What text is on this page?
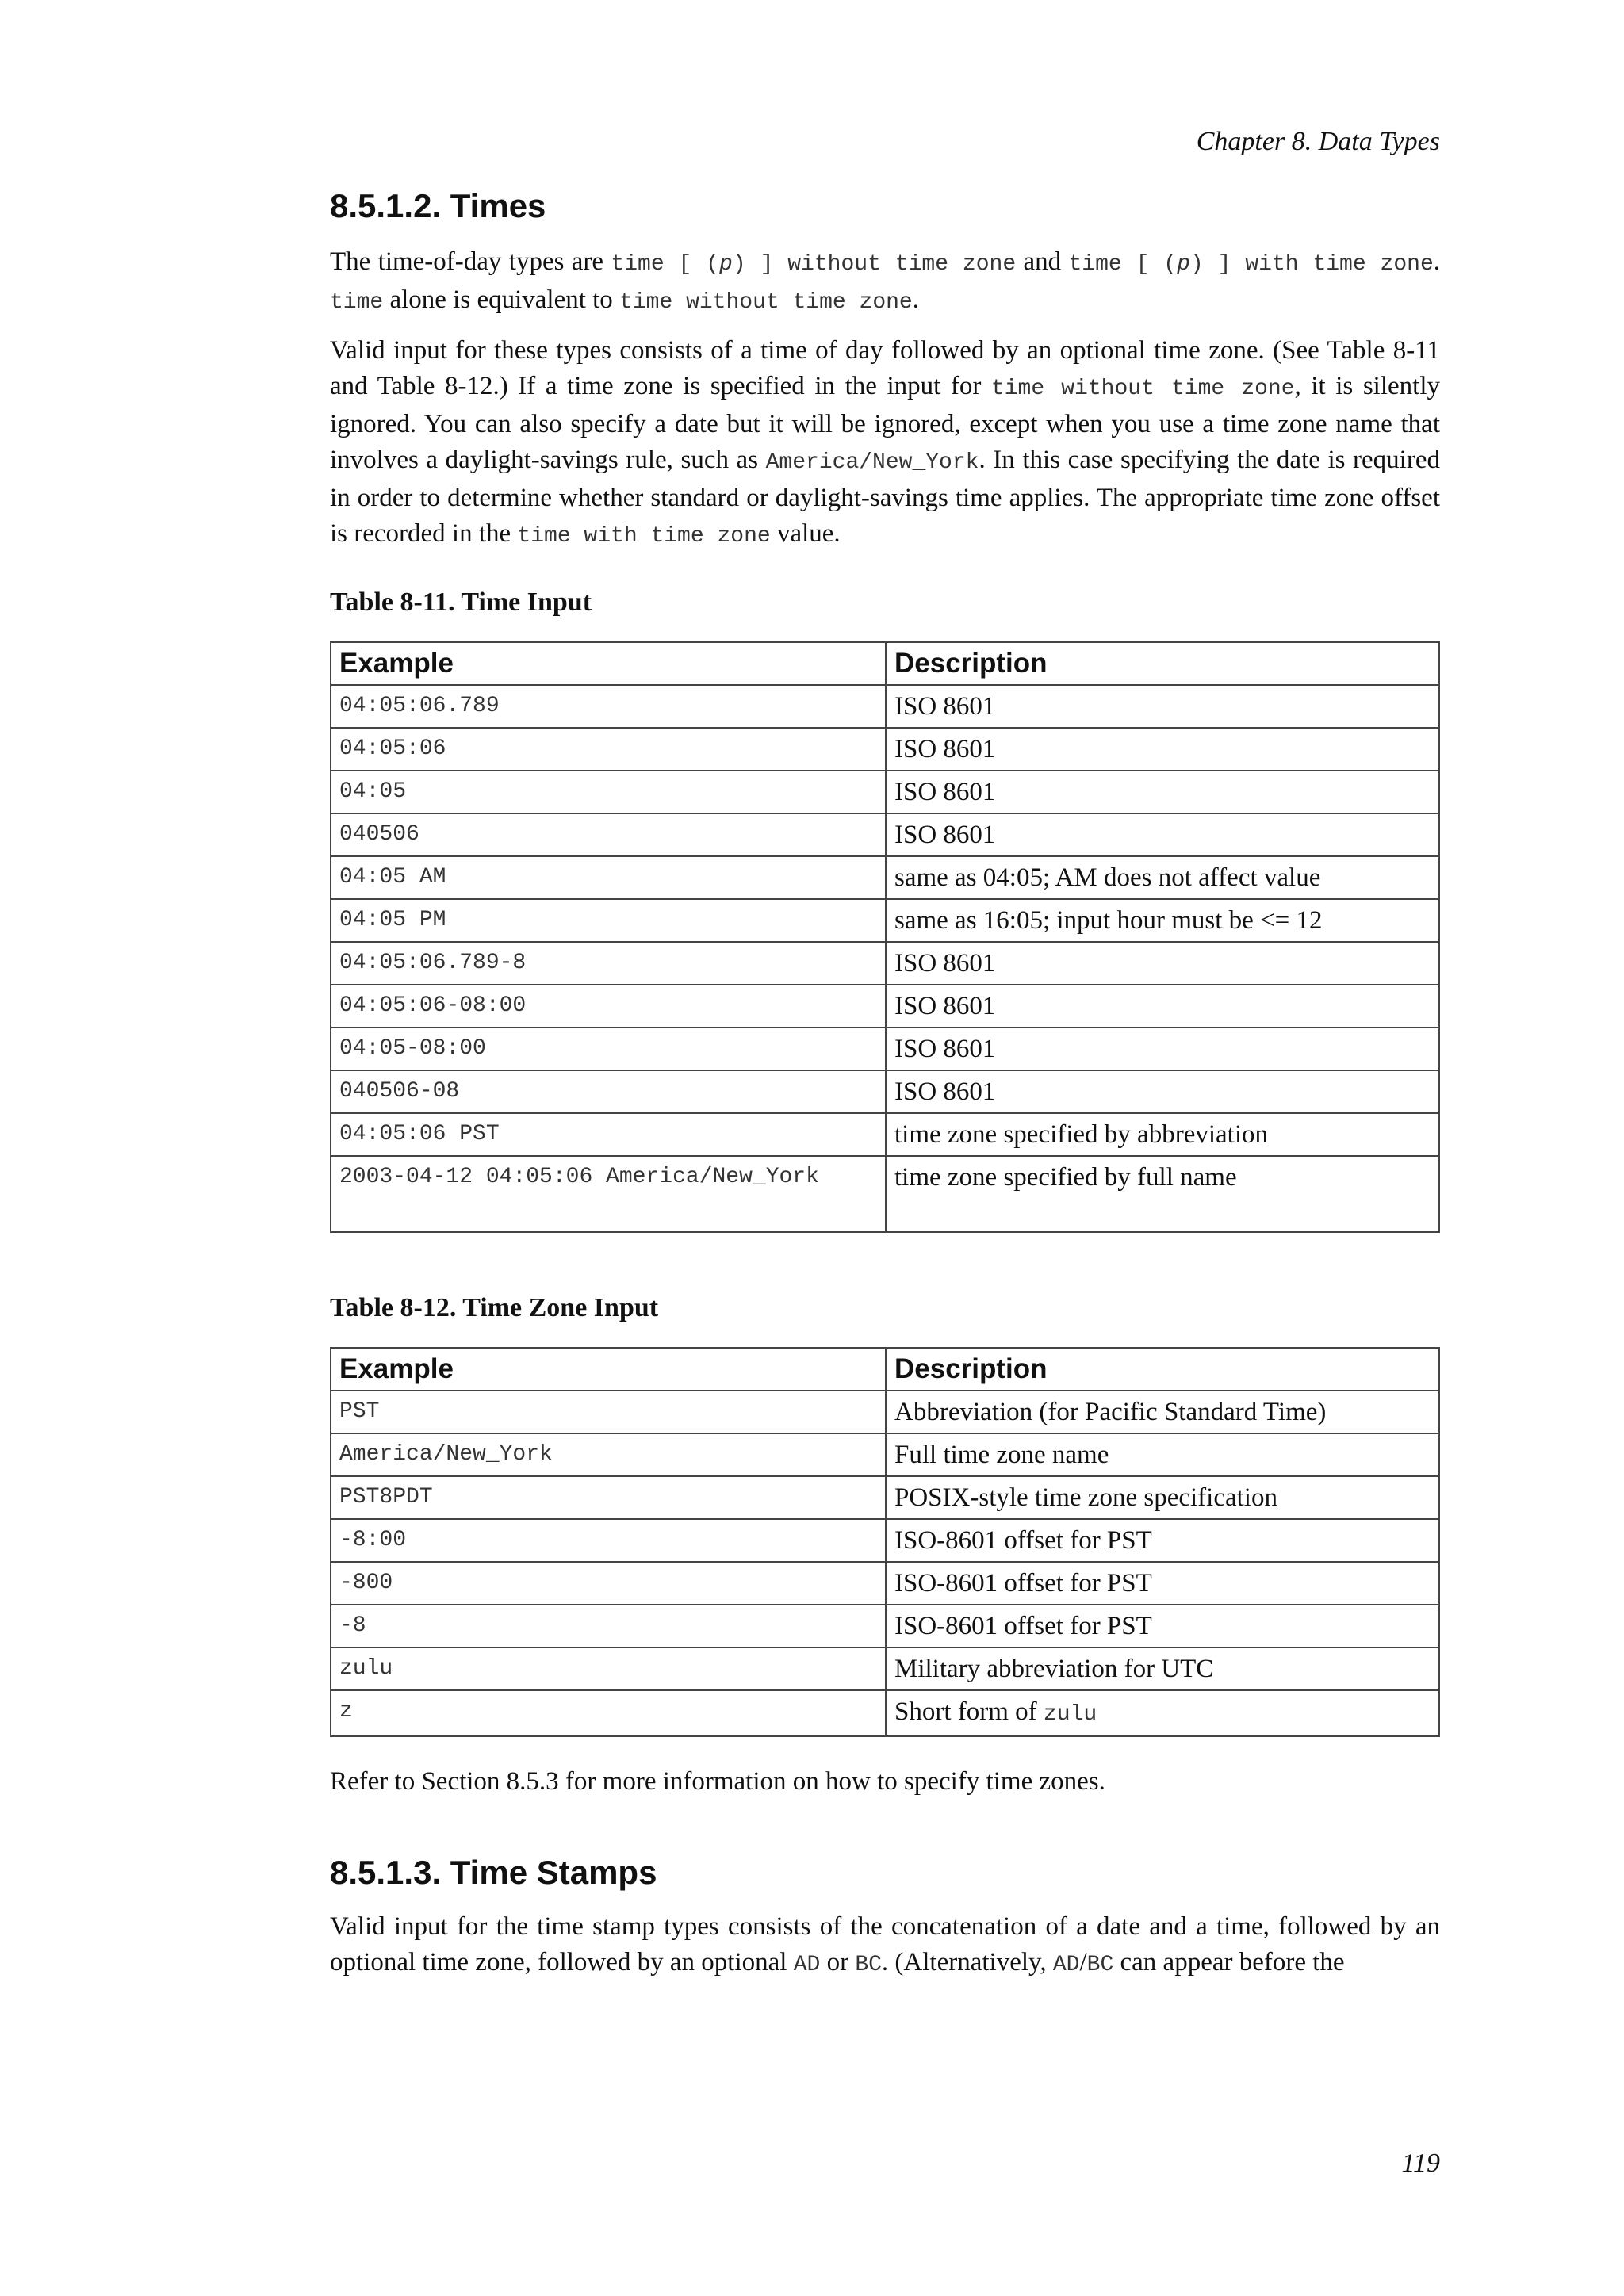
Chapter 8. Data Types
8.5.1.2. Times

The time-of-day types are time [ (p) ] without time zone and time [ (p) ] with time zone. time alone is equivalent to time without time zone.

Valid input for these types consists of a time of day followed by an optional time zone. (See Table 8-11 and Table 8-12.) If a time zone is specified in the input for time without time zone, it is silently ignored. You can also specify a date but it will be ignored, except when you use a time zone name that involves a daylight-savings rule, such as America/New_York. In this case specifying the date is required in order to determine whether standard or daylight-savings time applies. The appropriate time zone offset is recorded in the time with time zone value.

Table 8-11. Time Input
Example	Description
04:05:06.789	ISO 8601
04:05:06	ISO 8601
04:05	ISO 8601
040506	ISO 8601
04:05 AM	same as 04:05; AM does not affect value
04:05 PM	same as 16:05; input hour must be <= 12
04:05:06.789-8	ISO 8601
04:05:06-08:00	ISO 8601
04:05-08:00	ISO 8601
040506-08	ISO 8601
04:05:06 PST	time zone specified by abbreviation
2003-04-12 04:05:06 America/New_York	time zone specified by full name
Table 8-12. Time Zone Input
Example	Description
PST	Abbreviation (for Pacific Standard Time)
America/New_York	Full time zone name
PST8PDT	POSIX-style time zone specification
-8:00	ISO-8601 offset for PST
-800	ISO-8601 offset for PST
-8	ISO-8601 offset for PST
zulu	Military abbreviation for UTC
z	Short form of zulu

Refer to Section 8.5.3 for more information on how to specify time zones.

8.5.1.3. Time Stamps

Valid input for the time stamp types consists of the concatenation of a date and a time, followed by an optional time zone, followed by an optional AD or BC. (Alternatively, AD/BC can appear before the

119
